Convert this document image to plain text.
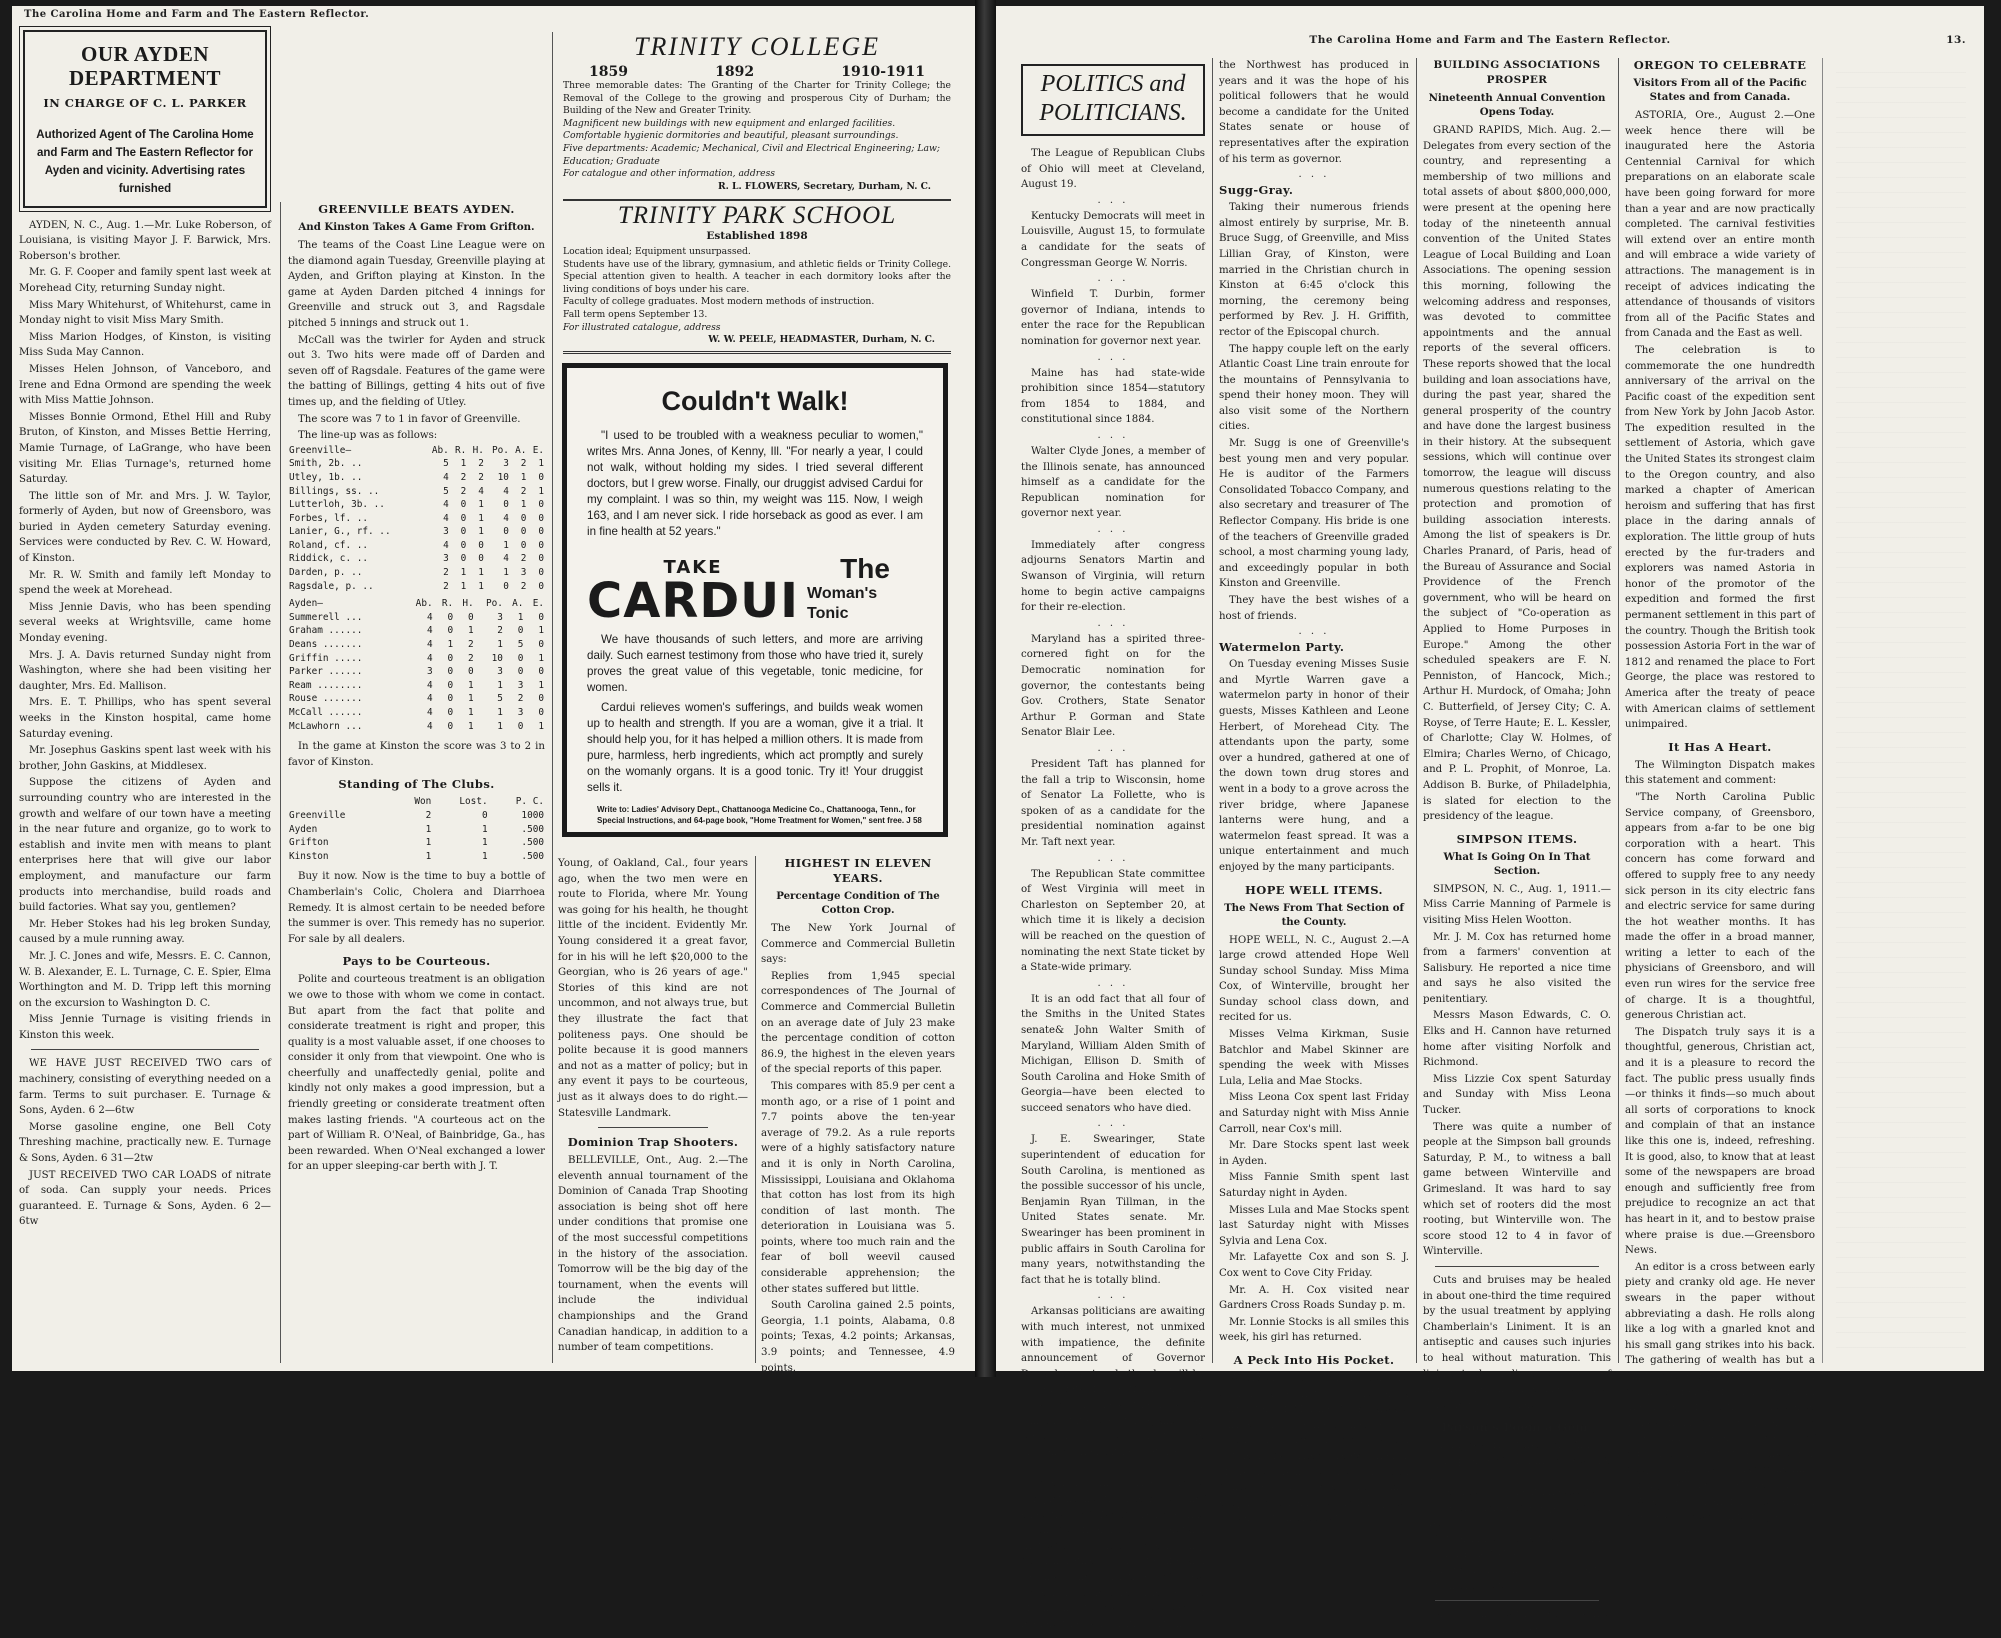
The Carolina Home and Farm and The Eastern Reflector.
OUR AYDEN DEPARTMENT
IN CHARGE OF C. L. PARKER
Authorized Agent of The Carolina Home and Farm and The Eastern Reflector for Ayden and vicinity. Advertising rates furnished

AYDEN, N. C., Aug. 1.—Mr. Luke Roberson, of Louisiana, is visiting Mayor J. F. Barwick, Mrs. Roberson's brother.

Mr. G. F. Cooper and family spent last week at Morehead City, returning Sunday night.

Miss Mary Whitehurst, of Whitehurst, came in Monday night to visit Miss Mary Smith.

Miss Marion Hodges, of Kinston, is visiting Miss Suda May Cannon.

Misses Helen Johnson, of Vanceboro, and Irene and Edna Ormond are spending the week with Miss Mattie Johnson.

Misses Bonnie Ormond, Ethel Hill and Ruby Bruton, of Kinston, and Misses Bettie Herring, Mamie Turnage, of LaGrange, who have been visiting Mr. Elias Turnage's, returned home Saturday.

The little son of Mr. and Mrs. J. W. Taylor, formerly of Ayden, but now of Greensboro, was buried in Ayden cemetery Saturday evening. Services were conducted by Rev. C. W. Howard, of Kinston.

Mr. R. W. Smith and family left Monday to spend the week at Morehead.

Miss Jennie Davis, who has been spending several weeks at Wrightsville, came home Monday evening.

Mrs. J. A. Davis returned Sunday night from Washington, where she had been visiting her daughter, Mrs. Ed. Mallison.

Mrs. E. T. Phillips, who has spent several weeks in the Kinston hospital, came home Saturday evening.

Mr. Josephus Gaskins spent last week with his brother, John Gaskins, at Middlesex.

Suppose the citizens of Ayden and surrounding country who are interested in the growth and welfare of our town have a meeting in the near future and organize, go to work to establish and invite men with means to plant enterprises here that will give our labor employment, and manufacture our farm products into merchandise, build roads and build factories. What say you, gentlemen?

Mr. Heber Stokes had his leg broken Sunday, caused by a mule running away.

Mr. J. C. Jones and wife, Messrs. E. C. Cannon, W. B. Alexander, E. L. Turnage, C. E. Spier, Elma Worthington and M. D. Tripp left this morning on the excursion to Washington D. C.

Miss Jennie Turnage is visiting friends in Kinston this week.

WE HAVE JUST RECEIVED TWO cars of machinery, consisting of everything needed on a farm. Terms to suit purchaser. E. Turnage & Sons, Ayden. 6 2—6tw

Morse gasoline engine, one Bell Coty Threshing machine, practically new. E. Turnage & Sons, Ayden. 6 31—2tw

JUST RECEIVED TWO CAR LOADS of nitrate of soda. Can supply your needs. Prices guaranteed. E. Turnage & Sons, Ayden. 6 2—6tw

GREENVILLE BEATS AYDEN.
And Kinston Takes A Game From Grifton.

The teams of the Coast Line League were on the diamond again Tuesday, Greenville playing at Ayden, and Grifton playing at Kinston. In the game at Ayden Darden pitched 4 innings for Greenville and struck out 3, and Ragsdale pitched 5 innings and struck out 1.

McCall was the twirler for Ayden and struck out 3. Two hits were made off of Darden and seven off of Ragsdale. Features of the game were the batting of Billings, getting 4 hits out of five times up, and the fielding of Utley.

The score was 7 to 1 in favor of Greenville.

The line-up was as follows:

Greenville—	Ab.	R.	H.	Po.	A.	E.
Smith, 2b. ..	5	1	2	3	2	1
Utley, 1b. ..	4	2	2	10	1	0
Billings, ss. ..	5	2	4	4	2	1
Lutterloh, 3b. ..	4	0	1	0	1	0
Forbes, lf. ..	4	0	1	4	0	0
Lanier, G., rf. ..	3	0	1	0	0	0
Roland, cf. ..	4	0	0	1	0	0
Riddick, c. ..	3	0	0	4	2	0
Darden, p. ..	2	1	1	1	3	0
Ragsdale, p. ..	2	1	1	0	2	0
Ayden—	Ab.	R.	H.	Po.	A.	E.
Summerell ...	4	0	0	3	1	0
Graham ......	4	0	1	2	0	1
Deans .......	4	1	2	1	5	0
Griffin .....	4	0	2	10	0	1
Parker ......	3	0	0	3	0	0
Ream ........	4	0	1	1	3	1
Rouse .......	4	0	1	5	2	0
McCall ......	4	0	1	1	3	0
McLawhorn ...	4	0	1	1	0	1

In the game at Kinston the score was 3 to 2 in favor of Kinston.

Standing of The Clubs.
	Won	Lost.	P. C.
Greenville	2	0	1000
Ayden	1	1	.500
Grifton	1	1	.500
Kinston	1	1	.500

Buy it now. Now is the time to buy a bottle of Chamberlain's Colic, Cholera and Diarrhoea Remedy. It is almost certain to be needed before the summer is over. This remedy has no superior. For sale by all dealers.

Pays to be Courteous.

Polite and courteous treatment is an obligation we owe to those with whom we come in contact. But apart from the fact that polite and considerate treatment is right and proper, this quality is a most valuable asset, if one chooses to consider it only from that viewpoint. One who is cheerfully and unaffectedly genial, polite and kindly not only makes a good impression, but a friendly greeting or considerate treatment often makes lasting friends. "A courteous act on the part of William R. O'Neal, of Bainbridge, Ga., has been rewarded. When O'Neal exchanged a lower for an upper sleeping-car berth with J. T.

TRINITY COLLEGE
1859	1892	1910-1911
Three memorable dates: The Granting of the Charter for Trinity College; the Removal of the College to the growing and prosperous City of Durham; the Building of the New and Greater Trinity.
Magnificent new buildings with new equipment and enlarged facilities.
Comfortable hygienic dormitories and beautiful, pleasant surroundings.
Five departments: Academic; Mechanical, Civil and Electrical Engineering; Law; Education; Graduate
For catalogue and other information, address
R. L. FLOWERS, Secretary, Durham, N. C.
TRINITY PARK SCHOOL
Established 1898
Location ideal; Equipment unsurpassed.
Students have use of the library, gymnasium, and athletic fields or Trinity College. Special attention given to health. A teacher in each dormitory looks after the living conditions of boys under his care.
Faculty of college graduates. Most modern methods of instruction.
Fall term opens September 13.
For illustrated catalogue, address
W. W. PEELE, HEADMASTER, Durham, N. C.
Couldn't Walk!
"I used to be troubled with a weakness peculiar to women," writes Mrs. Anna Jones, of Kenny, Ill. "For nearly a year, I could not walk, without holding my sides. I tried several different doctors, but I grew worse. Finally, our druggist advised Cardui for my complaint. I was so thin, my weight was 115. Now, I weigh 163, and I am never sick. I ride horseback as good as ever. I am in fine health at 52 years."
TAKE
CARDUI
The
Woman's Tonic
We have thousands of such letters, and more are arriving daily. Such earnest testimony from those who have tried it, surely proves the great value of this vegetable, tonic medicine, for women.
Cardui relieves women's sufferings, and builds weak women up to health and strength. If you are a woman, give it a trial. It should help you, for it has helped a million others. It is made from pure, harmless, herb ingredients, which act promptly and surely on the womanly organs. It is a good tonic. Try it! Your druggist sells it.
Write to: Ladies' Advisory Dept., Chattanooga Medicine Co., Chattanooga, Tenn., for Special Instructions, and 64-page book, "Home Treatment for Women," sent free. J 58

Young, of Oakland, Cal., four years ago, when the two men were en route to Florida, where Mr. Young was going for his health, he thought little of the incident. Evidently Mr. Young considered it a great favor, for in his will he left $20,000 to the Georgian, who is 26 years of age." Stories of this kind are not uncommon, and not always true, but they illustrate the fact that politeness pays. One should be polite because it is good manners and not as a matter of policy; but in any event it pays to be courteous, just as it always does to do right.—Statesville Landmark.

Dominion Trap Shooters.

BELLEVILLE, Ont., Aug. 2.—The eleventh annual tournament of the Dominion of Canada Trap Shooting association is being shot off here under conditions that promise one of the most successful competitions in the history of the association. Tomorrow will be the big day of the tournament, when the events will include the individual championships and the Grand Canadian handicap, in addition to a number of team competitions.

HIGHEST IN ELEVEN YEARS.
Percentage Condition of The Cotton Crop.

The New York Journal of Commerce and Commercial Bulletin says:

Replies from 1,945 special correspondences of The Journal of Commerce and Commercial Bulletin on an average date of July 23 make the percentage condition of cotton 86.9, the highest in the eleven years of the special reports of this paper.

This compares with 85.9 per cent a month ago, or a rise of 1 point and 7.7 points above the ten-year average of 79.2. As a rule reports were of a highly satisfactory nature and it is only in North Carolina, Mississippi, Louisiana and Oklahoma that cotton has lost from its high condition of last month. The deterioration in Louisiana was 5. points, where too much rain and the fear of boll weevil caused considerable apprehension; the other states suffered but little.

South Carolina gained 2.5 points, Georgia, 1.1 points, Alabama, 0.8 points; Texas, 4.2 points; Arkansas, 3.9 points; and Tennessee, 4.9 points.

The Carolina Home and Farm and The Eastern Reflector.	13.
POLITICS and POLITICIANS.

The League of Republican Clubs of Ohio will meet at Cleveland, August 19.

. . .

Kentucky Democrats will meet in Louisville, August 15, to formulate a candidate for the seats of Congressman George W. Norris.

. . .

Winfield T. Durbin, former governor of Indiana, intends to enter the race for the Republican nomination for governor next year.

. . .

Maine has had state-wide prohibition since 1854—statutory from 1854 to 1884, and constitutional since 1884.

. . .

Walter Clyde Jones, a member of the Illinois senate, has announced himself as a candidate for the Republican nomination for governor next year.

. . .

Immediately after congress adjourns Senators Martin and Swanson of Virginia, will return home to begin active campaigns for their re-election.

. . .

Maryland has a spirited three-cornered fight on for the Democratic nomination for governor, the contestants being Gov. Crothers, State Senator Arthur P. Gorman and State Senator Blair Lee.

. . .

President Taft has planned for the fall a trip to Wisconsin, home of Senator La Follette, who is spoken of as a candidate for the presidential nomination against Mr. Taft next year.

. . .

The Republican State committee of West Virginia will meet in Charleston on September 20, at which time it is likely a decision will be reached on the question of nominating the next State ticket by a State-wide primary.

. . .

It is an odd fact that all four of the Smiths in the United States senate& John Walter Smith of Maryland, William Alden Smith of Michigan, Ellison D. Smith of South Carolina and Hoke Smith of Georgia—have been elected to succeed senators who have died.

. . .

J. E. Swearinger, State superintendent of education for South Carolina, is mentioned as the possible successor of his uncle, Benjamin Ryan Tillman, in the United States senate. Mr. Swearinger has been prominent in public affairs in South Carolina for many years, notwithstanding the fact that he is totally blind.

. . .

Arkansas politicians are awaiting with much interest, not unmixed with impatience, the definite announcement of Governor Donaghey as to whether he will be a candidate for a third term as governor or make the race for United States senator against Jeff Davis, whose successor it to be chosen by the next legislature.

. . .

Governor John Burke, who is completing his third term as chief executive of North Dakota has given his friends to understand that when he quit the governorship he will retire to private life and resume the practice of law. Governor Burke is regarded as one of the most able and successful leaders the Democratic party in

the Northwest has produced in years and it was the hope of his political followers that he would become a candidate for the United States senate or house of representatives after the expiration of his term as governor.

. . .
Sugg-Gray.

Taking their numerous friends almost entirely by surprise, Mr. B. Bruce Sugg, of Greenville, and Miss Lillian Gray, of Kinston, were married in the Christian church in Kinston at 6:45 o'clock this morning, the ceremony being performed by Rev. J. H. Griffith, rector of the Episcopal church.

The happy couple left on the early Atlantic Coast Line train enroute for the mountains of Pennsylvania to spend their honey moon. They will also visit some of the Northern cities.

Mr. Sugg is one of Greenville's best young men and very popular. He is auditor of the Farmers Consolidated Tobacco Company, and also secretary and treasurer of The Reflector Company. His bride is one of the teachers of Greenville graded school, a most charming young lady, and exceedingly popular in both Kinston and Greenville.

They have the best wishes of a host of friends.

. . .
Watermelon Party.

On Tuesday evening Misses Susie and Myrtle Warren gave a watermelon party in honor of their guests, Misses Kathleen and Leone Herbert, of Morehead City. The attendants upon the party, some over a hundred, gathered at one of the down town drug stores and went in a body to a grove across the river bridge, where Japanese lanterns were hung, and a watermelon feast spread. It was a unique entertainment and much enjoyed by the many participants.

HOPE WELL ITEMS.
The News From That Section of the County.

HOPE WELL, N. C., August 2.—A large crowd attended Hope Well Sunday school Sunday. Miss Mima Cox, of Winterville, brought her Sunday school class down, and recited for us.

Misses Velma Kirkman, Susie Batchlor and Mabel Skinner are spending the week with Misses Lula, Lelia and Mae Stocks.

Miss Leona Cox spent last Friday and Saturday night with Miss Annie Carroll, near Cox's mill.

Mr. Dare Stocks spent last week in Ayden.

Miss Fannie Smith spent last Saturday night in Ayden.

Misses Lula and Mae Stocks spent last Saturday night with Misses Sylvia and Lena Cox.

Mr. Lafayette Cox and son S. J. Cox went to Cove City Friday.

Mr. A. H. Cox visited near Gardners Cross Roads Sunday p. m.

Mr. Lonnie Stocks is all smiles this week, his girl has returned.

A Peck Into His Pocket.

Would show the box of Bucklen's Arnica Salve that E. S. Loper, a carpenter, of Marilla, N. Y., always carries. "I have never had a cut, wound or bruise, or sore it would not heal," he writes. Greatest healer of burns, boils, scalds, chapped hands and lips, fever-sores, skin-eruptions, eczema, corns and piles. 25 cents at all druggists.

BUILDING ASSOCIATIONS PROSPER
Nineteenth Annual Convention Opens Today.

GRAND RAPIDS, Mich. Aug. 2.—Delegates from every section of the country, and representing a membership of two millions and total assets of about $800,000,000, were present at the opening here today of the nineteenth annual convention of the United States League of Local Building and Loan Associations. The opening session this morning, following the welcoming address and responses, was devoted to committee appointments and the annual reports of the several officers. These reports showed that the local building and loan associations have, during the past year, shared the general prosperity of the country and have done the largest business in their history. At the subsequent sessions, which will continue over tomorrow, the league will discuss numerous questions relating to the protection and promotion of building association interests. Among the list of speakers is Dr. Charles Pranard, of Paris, head of the Bureau of Assurance and Social Providence of the French government, who will be heard on the subject of "Co-operation as Applied to Home Purposes in Europe." Among the other scheduled speakers are F. N. Penniston, of Hancock, Mich.; Arthur H. Murdock, of Omaha; John C. Butterfield, of Jersey City; C. A. Royse, of Terre Haute; E. L. Kessler, of Charlotte; Clay W. Holmes, of Elmira; Charles Werno, of Chicago, and P. L. Prophit, of Monroe, La. Addison B. Burke, of Philadelphia, is slated for election to the presidency of the league.

SIMPSON ITEMS.
What Is Going On In That Section.

SIMPSON, N. C., Aug. 1, 1911.—Miss Carrie Manning of Parmele is visiting Miss Helen Wootton.

Mr. J. M. Cox has returned home from a farmers' convention at Salisbury. He reported a nice time and says he also visited the penitentiary.

Messrs Mason Edwards, C. O. Elks and H. Cannon have returned home after visiting Norfolk and Richmond.

Miss Lizzie Cox spent Saturday and Sunday with Miss Leona Tucker.

There was quite a number of people at the Simpson ball grounds Saturday, P. M., to witness a ball game between Winterville and Grimesland. It was hard to say which set of rooters did the most rooting, but Winterville won. The score stood 12 to 4 in favor of Winterville.

Cuts and bruises may be healed in about one-third the time required by the usual treatment by applying Chamberlain's Liniment. It is an antiseptic and causes such injuries to heal without maturation. This liniment also relieves soreness of the muscles and rheumatic pains. For sale by all dealers.

Parson's Poem a Gem.

From Rev. H. Stubenvoll, Allison, Ia., in praise of Dr. King's New Life Pills.

"They're such a health necessity,
In every home these pills should be.
If other kinds you've tried in vain,
USE DR. KING'S
And be well again." Only 25 cents
at all druggists.

Many a man with a red nose has been wrongly accused.

OREGON TO CELEBRATE
Visitors From all of the Pacific States and from Canada.

ASTORIA, Ore., August 2.—One week hence there will be inaugurated here the Astoria Centennial Carnival for which preparations on an elaborate scale have been going forward for more than a year and are now practically completed. The carnival festivities will extend over an entire month and will embrace a wide variety of attractions. The management is in receipt of advices indicating the attendance of thousands of visitors from all of the Pacific States and from Canada and the East as well.

The celebration is to commemorate the one hundredth anniversary of the arrival on the Pacific coast of the expedition sent from New York by John Jacob Astor. The expedition resulted in the settlement of Astoria, which gave the United States its strongest claim to the Oregon country, and also marked a chapter of American heroism and suffering that has first place in the daring annals of exploration. The little group of huts erected by the fur-traders and explorers was named Astoria in honor of the promotor of the expedition and formed the first permanent settlement in this part of the country. Though the British took possession Astoria Fort in the war of 1812 and renamed the place to Fort George, the place was restored to America after the treaty of peace with American claims of settlement unimpaired.

It Has A Heart.

The Wilmington Dispatch makes this statement and comment:

"The North Carolina Public Service company, of Greensboro, appears from a-far to be one big corporation with a heart. This concern has come forward and offered to supply free to any needy sick person in its city electric fans and electric service for same during the hot weather months. It has made the offer in a broad manner, writing a letter to each of the physicians of Greensboro, and will even run wires for the service free of charge. It is a thoughtful, generous Christian act.

The Dispatch truly says it is a thoughtful, generous, Christian act, and it is a pleasure to record the fact. The public press usually finds —or thinks it finds—so much about all sorts of corporations to knock and complain of that an instance like this one is, indeed, refreshing. It is good, also, to know that at least some of the newspapers are broad enough and sufficiently free from prejudice to recognize an act that has heart in it, and to bestow praise where praise is due.—Greensboro News.

An editor is a cross between early piety and cranky old age. He never swears in the paper without abbreviating a dash. He rolls along like a log with a gnarled knot and his small gang strikes into his back. The gathering of wealth has but a faint hope and shawny "night lo" in his mind. He lives from day to day in the hope of getting conscience money from his subscribers who owe him several years of subscription, but the subscriber sleeps on and always has something coming.—Gaffney (S. C.) Ledger.

When a woman forgives a man she never allows him to forget it.
